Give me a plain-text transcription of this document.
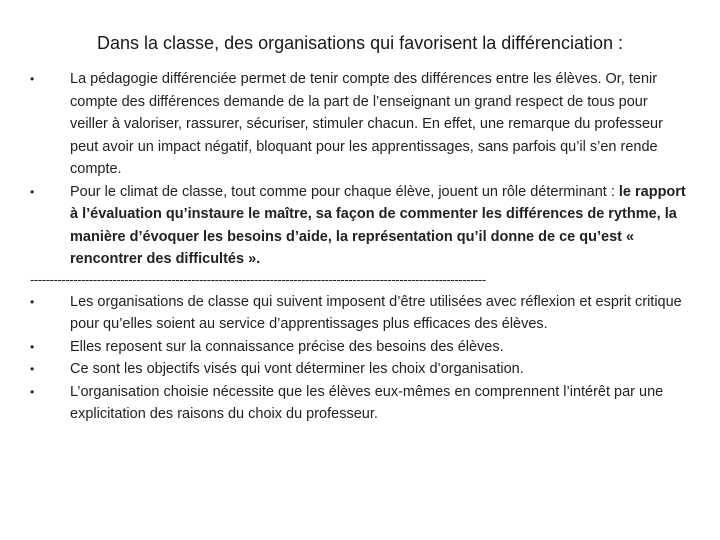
Dans la classe, des organisations qui favorisent la différenciation :
•	La pédagogie différenciée permet de tenir compte des différences entre les élèves. Or, tenir compte des différences demande de la part de l’enseignant un grand respect de tous pour veiller à valoriser, rassurer, sécuriser, stimuler chacun. En effet, une remarque du professeur peut avoir un impact négatif, bloquant pour les apprentissages, sans parfois qu’il s’en rende compte.
•	Pour le climat de classe, tout comme pour chaque élève, jouent un rôle déterminant : le rapport à l’évaluation qu’instaure le maître, sa façon de commenter les différences de rythme, la manière d’évoquer les besoins d’aide, la représentation qu’il donne de ce qu’est « rencontrer des difficultés ».
--------------------------------------------------------------------------------------------------------------------
•	Les organisations de classe qui suivent imposent d’être utilisées avec réflexion et esprit critique pour qu’elles soient au service d’apprentissages plus efficaces des élèves.
•	Elles reposent sur la connaissance précise des besoins des élèves.
•	Ce sont les objectifs visés qui vont déterminer les choix d’organisation.
•	L’organisation choisie nécessite que les élèves eux-mêmes en comprennent l’intérêt par une explicitation des raisons du choix du professeur.
